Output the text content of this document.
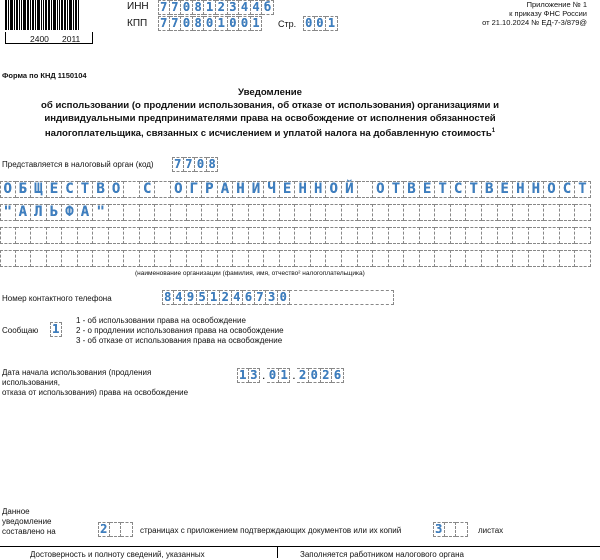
2400 2011
ИНН 7 7 0 8 1 2 3 4 4 б
КПП 7 7 0 8 0 1 0 0 1 Стр. 0 0 1
Приложение № 1
к приказу ФНС России
от 21.10.2024 № ЕД-7-3/879@
Форма по КНД 1150104
Уведомление
об использовании (о продлении использования, об отказе от использования) организациями и
индивидуальными предпринимателями права на освобождение от исполнения обязанностей
налогоплательщика, связанных с исчислением и уплатой налога на добавленную стоимость$^1$
Представляется в налоговый орган (код) 7 7 0 8
О Б Щ Е С Т В О С О Г Р А Н И Ч Е Н Н О Й О Т В Е Т С Т В Е Н Н О С Т
" А Л Ь Ф А "
(наименование организации (фамилия, имя, отчество² налогоплательщика)
Номер контактного телефона	8 4 9 5 1 2 4 6 7 3 0
Сообщаю 1
1 - об использовании права на освобождение
2 - о продлении использования права на освобождение
3 - об отказе от использования права на освобождение
Дата начала использования (продления
использования,
отказа от использования) права на освобождение
1 3 . 0 1 . 2 0 2 6
Данное
уведомление
составлено на	2	страницах с приложением подтверждающих документов или их копий	3	листах
Достоверность и полноту сведений, указанных	Заполняется работником налогового органа
